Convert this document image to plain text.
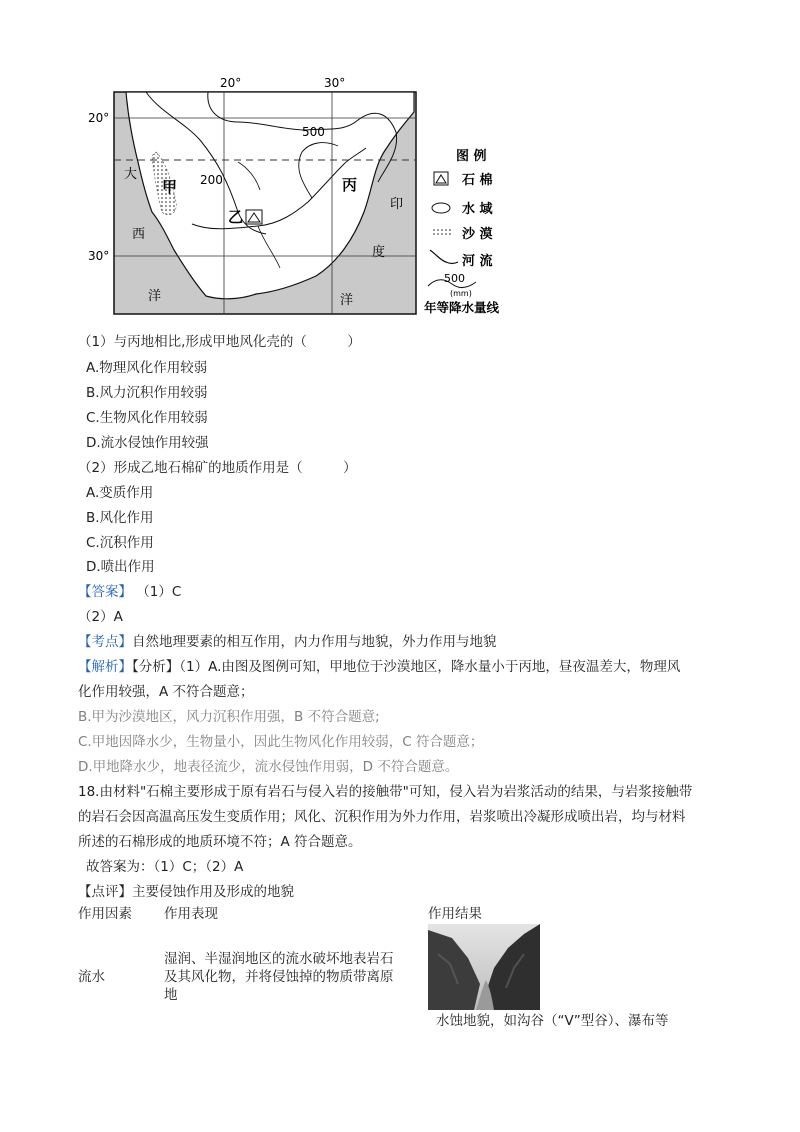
20°	30°
20°
30°
500
200
甲
乙
丙
大
西
洋
印
度
洋
图 例
石 棉
水 域
沙 漠
河 流
500
(mm)
年等降水量线
（1）与丙地相比,形成甲地风化壳的（　　　）
A.物理风化作用较弱
B.风力沉积作用较弱
C.生物风化作用较弱
D.流水侵蚀作用较强
（2）形成乙地石棉矿的地质作用是（　　　）
A.变质作用
B.风化作用
C.沉积作用
D.喷出作用
【答案】 （1）C
（2）A
【考点】自然地理要素的相互作用，内力作用与地貌，外力作用与地貌
【解析】【分析】（1）A.由图及图例可知，甲地位于沙漠地区，降水量小于丙地，昼夜温差大，物理风
化作用较强，A 不符合题意；
B.甲为沙漠地区，风力沉积作用强，B 不符合题意;
C.甲地因降水少，生物量小，因此生物风化作用较弱，C 符合题意；
D.甲地降水少，地表径流少，流水侵蚀作用弱，D 不符合题意。
18.由材料"石棉主要形成于原有岩石与侵入岩的接触带"可知，侵入岩为岩浆活动的结果，与岩浆接触带
的岩石会因高温高压发生变质作用；风化、沉积作用为外力作用，岩浆喷出冷凝形成喷出岩，均与材料
所述的石棉形成的地质环境不符；A 符合题意。
故答案为：（1）C；（2）A
【点评】主要侵蚀作用及形成的地貌
作用因素 作用表现	作用结果
流水
湿润、半湿润地区的流水破坏地表岩石
及其风化物，并将侵蚀掉的物质带离原
地
水蚀地貌，如沟谷（“V”型谷）、瀑布等
